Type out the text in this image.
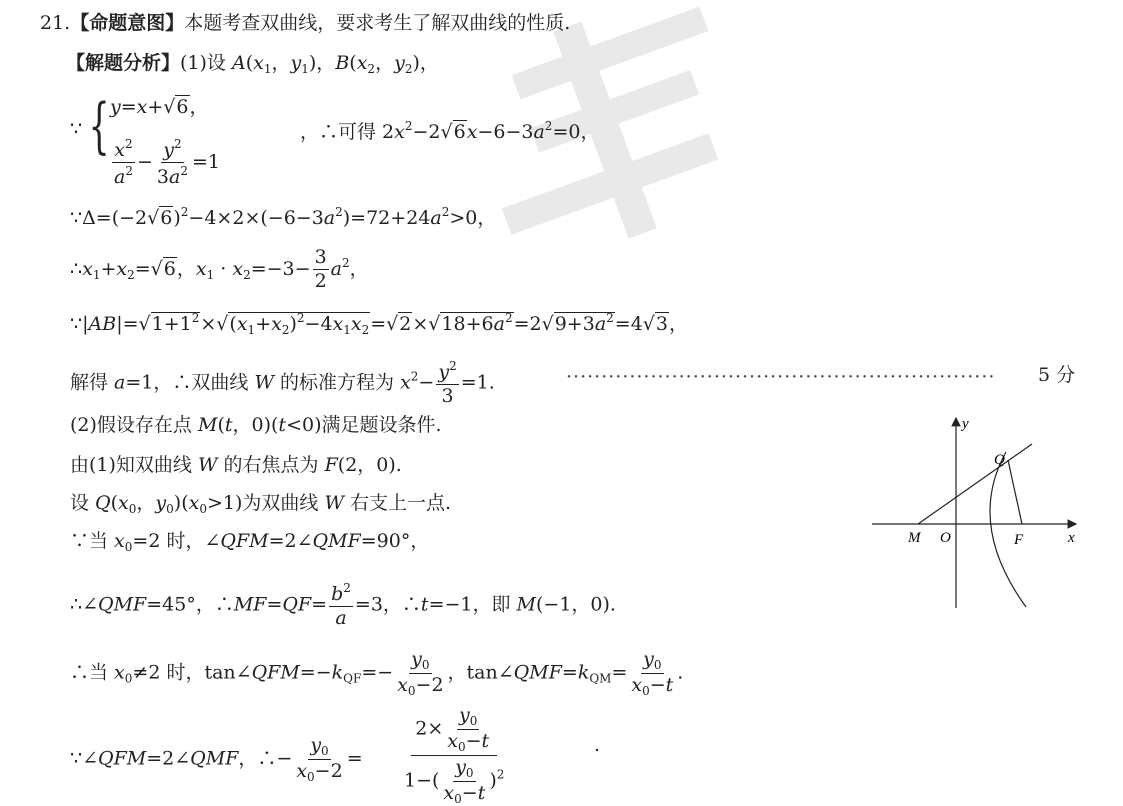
21.【命题意图】本题考查双曲线，要求考生了解双曲线的性质.
【解题分析】(1)设 $A(x_1$，$y_1$)，$B(x_2$，$y_2$)，
∵ { y=x+√6，
$\frac{x^2}{a^2} - \frac{y^2}{3a^2} =1$
，∴可得 $2x^2-2√6x-6-3a^2=0$，
$\because\Delta=(-2√6)^2-4\times 2\times(-6-3a^2)=72+24a^2>0$，
$\therefore x_1+x_2=√6$，$x_1 \cdot x_2=-3- \frac{3}{2} a^2$，
$\because|AB|=√1+1^2\times√(x_1+x_2)^2-4x_1x_2=√2\times√18+6a^2=2√9+3a^2=4√3$，
解得 a=1，∴双曲线 W 的标准方程为 $x^2- \frac{y^2}{3} =1$.	····························································· 5 分
(2)假设存在点 M(t，0)(t<0)满足题设条件.
由(1)知双曲线 W 的右焦点为 F(2，0).
设 $Q(x_0$，$y_0)(x_0>1)$为双曲线 W 右支上一点.
∵当 $x_0=2$ 时，∠QFM=2∠QMF=90°，
∴∠QMF=45°，∴MF=QF= $\frac{b^2}{a} =3$，∴t=−1，即 M(−1，0).
∴当 $x_0\ne 2$ 时，$\tan\angle QFM=-k_{QF}=- \frac{y_0}{x_0-2}$ ，$\tan\angle QMF=k_{QM}= \frac{y_0}{x_0-t}$ .
∵∠QFM=2∠QMF，∴− $\frac{y_0}{x_0-2}$ =
$2\times \frac{y_0}{x_0-t}$
$1-( \frac{y_0}{x_0-t} )^2$
.
y
x
Q
M O	F
